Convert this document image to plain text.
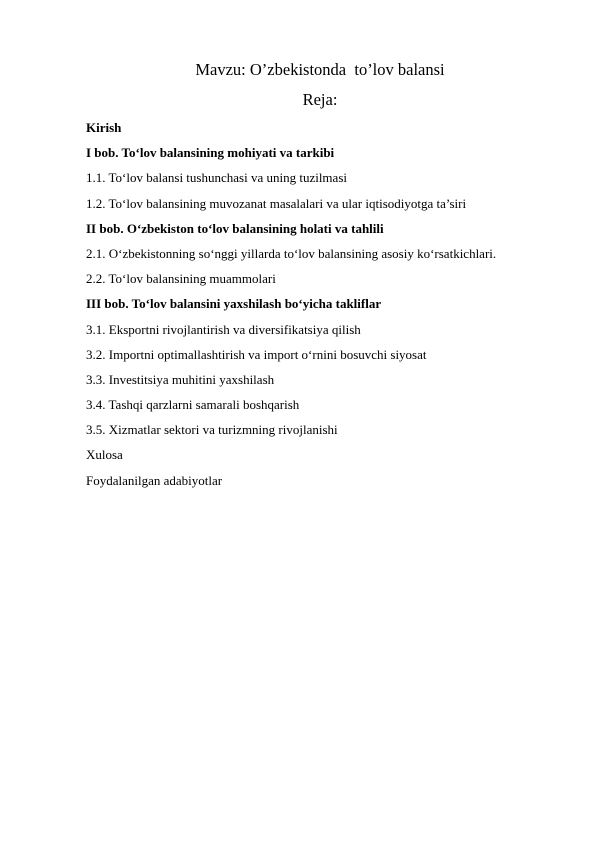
Mavzu: O’zbekistonda  to’lov balansi
Reja:
Kirish
I bob. To‘lov balansining mohiyati va tarkibi
1.1. To‘lov balansi tushunchasi va uning tuzilmasi
1.2. To‘lov balansining muvozanat masalalari va ular iqtisodiyotga ta’siri
II bob. O‘zbekiston to‘lov balansining holati va tahlili
2.1. O‘zbekistonning so‘nggi yillarda to‘lov balansining asosiy ko‘rsatkichlari.
2.2. To‘lov balansining muammolari
III bob. To‘lov balansini yaxshilash bo‘yicha takliflar
3.1. Eksportni rivojlantirish va diversifikatsiya qilish
3.2. Importni optimallashtirish va import o‘rnini bosuvchi siyosat
3.3. Investitsiya muhitini yaxshilash
3.4. Tashqi qarzlarni samarali boshqarish
3.5. Xizmatlar sektori va turizmning rivojlanishi
Xulosa
Foydalanilgan adabiyotlar
